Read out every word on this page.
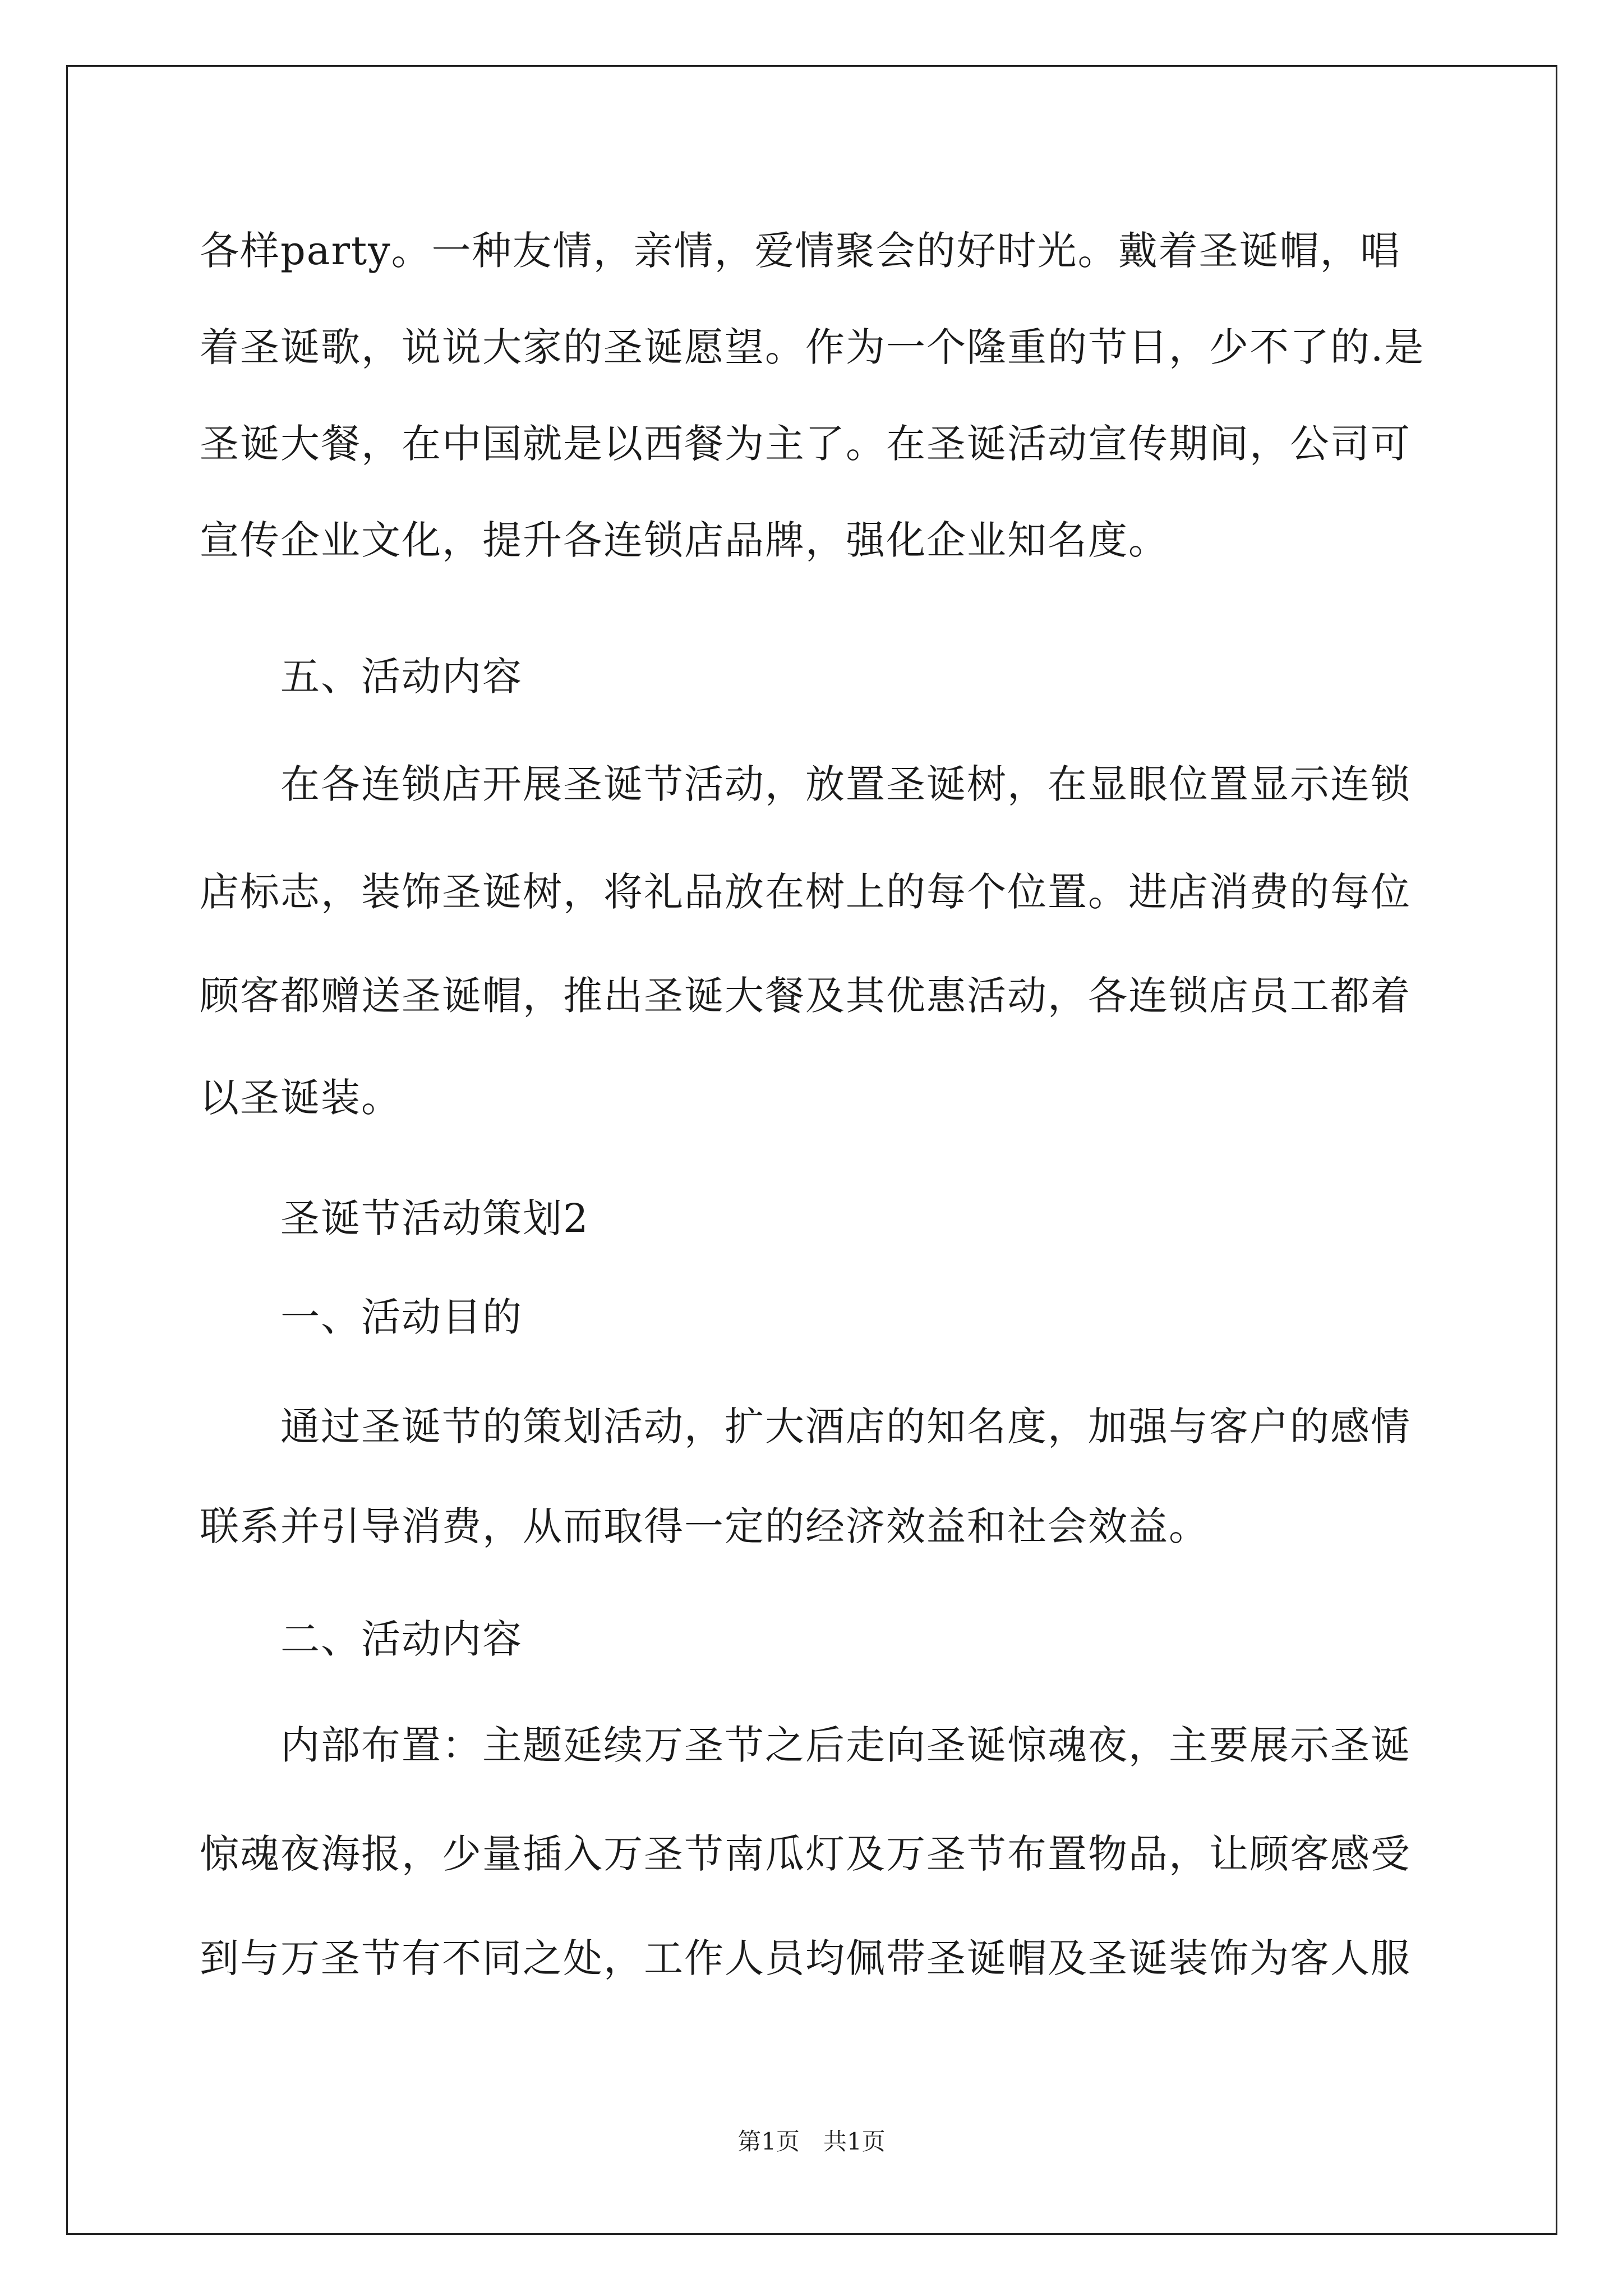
各样party。一种友情，亲情，爱情聚会的好时光。戴着圣诞帽，唱
着圣诞歌，说说大家的圣诞愿望。作为一个隆重的节日，少不了的.是
圣诞大餐，在中国就是以西餐为主了。在圣诞活动宣传期间，公司可
宣传企业文化，提升各连锁店品牌，强化企业知名度。
五、活动内容
在各连锁店开展圣诞节活动，放置圣诞树，在显眼位置显示连锁
店标志，装饰圣诞树，将礼品放在树上的每个位置。进店消费的每位
顾客都赠送圣诞帽，推出圣诞大餐及其优惠活动，各连锁店员工都着
以圣诞装。
圣诞节活动策划2
一、活动目的
通过圣诞节的策划活动，扩大酒店的知名度，加强与客户的感情
联系并引导消费，从而取得一定的经济效益和社会效益。
二、活动内容
内部布置：主题延续万圣节之后走向圣诞惊魂夜，主要展示圣诞
惊魂夜海报，少量插入万圣节南瓜灯及万圣节布置物品，让顾客感受
到与万圣节有不同之处，工作人员均佩带圣诞帽及圣诞装饰为客人服
第1页　共1页
